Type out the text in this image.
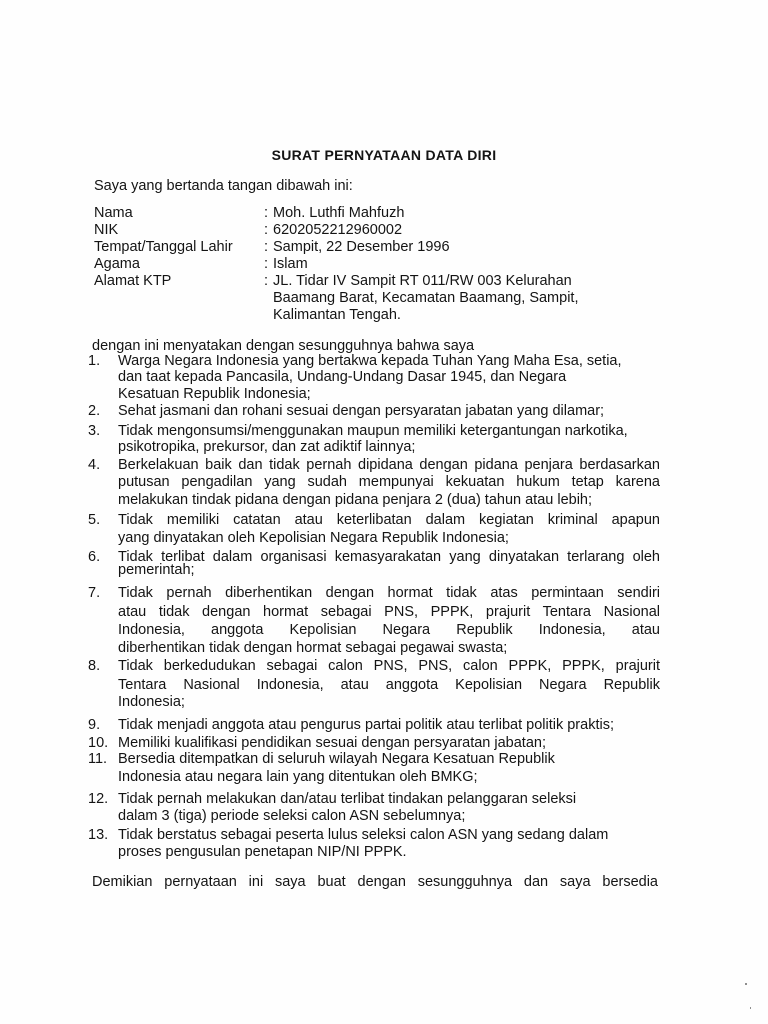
SURAT PERNYATAAN DATA DIRI

Saya yang bertanda tangan dibawah ini:

Nama	: Moh. Luthfi Mahfuzh
NIK	: 6202052212960002
Tempat/Tanggal Lahir	: Sampit, 22 Desember 1996
Agama	: Islam
Alamat KTP	: JL. Tidar IV Sampit RT 011/RW 003 Kelurahan
Baamang Barat, Kecamatan Baamang, Sampit,
Kalimantan Tengah.

dengan ini menyatakan dengan sesungguhnya bahwa saya

1. Warga Negara Indonesia yang bertakwa kepada Tuhan Yang Maha Esa, setia,
dan taat kepada Pancasila, Undang-Undang Dasar 1945, dan Negara
Kesatuan Republik Indonesia;
2. Sehat jasmani dan rohani sesuai dengan persyaratan jabatan yang dilamar;
3. Tidak mengonsumsi/menggunakan maupun memiliki ketergantungan narkotika,
psikotropika, prekursor, dan zat adiktif lainnya;
4. Berkelakuan baik dan tidak pernah dipidana dengan pidana penjara berdasarkan
putusan pengadilan yang sudah mempunyai kekuatan hukum tetap karena
melakukan tindak pidana dengan pidana penjara 2 (dua) tahun atau lebih;
5. Tidak memiliki catatan atau keterlibatan dalam kegiatan kriminal apapun
yang dinyatakan oleh Kepolisian Negara Republik Indonesia;
6. Tidak terlibat dalam organisasi kemasyarakatan yang dinyatakan terlarang oleh
pemerintah;
7. Tidak pernah diberhentikan dengan hormat tidak atas permintaan sendiri
atau tidak dengan hormat sebagai PNS, PPPK, prajurit Tentara Nasional
Indonesia, anggota Kepolisian Negara Republik Indonesia, atau
diberhentikan tidak dengan hormat sebagai pegawai swasta;
8. Tidak berkedudukan sebagai calon PNS, PNS, calon PPPK, PPPK, prajurit
Tentara Nasional Indonesia, atau anggota Kepolisian Negara Republik
Indonesia;
9. Tidak menjadi anggota atau pengurus partai politik atau terlibat politik praktis;
10. Memiliki kualifikasi pendidikan sesuai dengan persyaratan jabatan;
11. Bersedia ditempatkan di seluruh wilayah Negara Kesatuan Republik
Indonesia atau negara lain yang ditentukan oleh BMKG;
12. Tidak pernah melakukan dan/atau terlibat tindakan pelanggaran seleksi
dalam 3 (tiga) periode seleksi calon ASN sebelumnya;
13. Tidak berstatus sebagai peserta lulus seleksi calon ASN yang sedang dalam
proses pengusulan penetapan NIP/NI PPPK.

Demikian pernyataan ini saya buat dengan sesungguhnya dan saya bersedia
